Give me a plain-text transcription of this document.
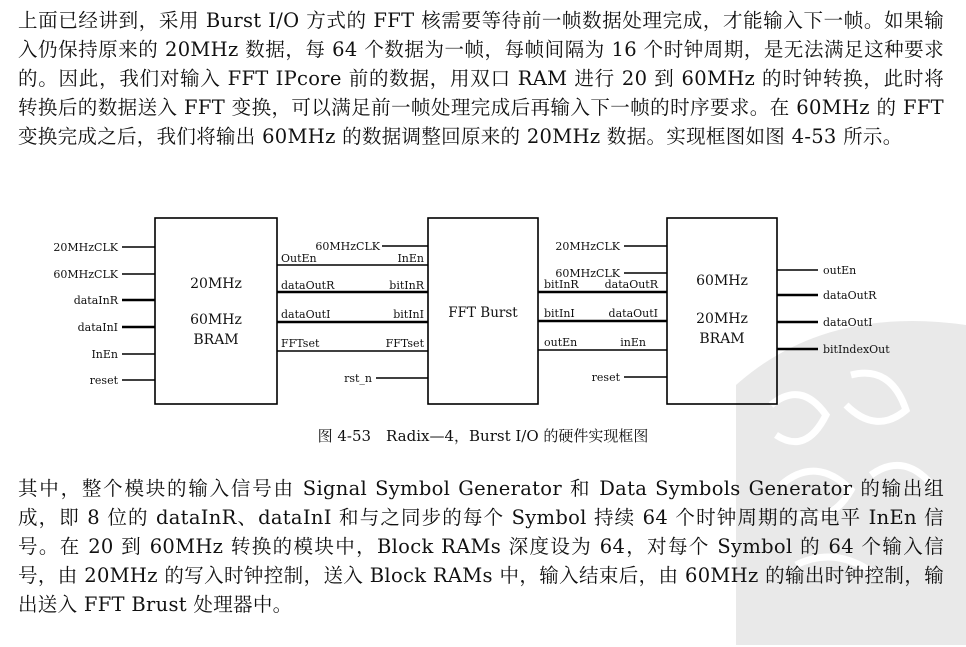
上面已经讲到，采用 Burst I/O 方式的 FFT 核需要等待前一帧数据处理完成，才能输入下一帧。如果输入仍保持原来的 20MHz 数据，每 64 个数据为一帧，每帧间隔为 16 个时钟周期，是无法满足这种要求的。因此，我们对输入 FFT IPcore 前的数据，用双口 RAM 进行 20 到 60MHz 的时钟转换，此时将转换后的数据送入 FFT 变换，可以满足前一帧处理完成后再输入下一帧的时序要求。在 60MHz 的 FFT 变换完成之后，我们将输出 60MHz 的数据调整回原来的 20MHz 数据。实现框图如图 4-53 所示。

20MHzCLK
60MHzCLK
dataInR
dataInI
InEn
reset
OutEn
dataOutR
dataOutI
FFTset
20MHz
60MHz
BRAM
60MHzCLK
InEn
bitInR
bitInI
FFTset
rst_n
dataOutR
dataOutI
inEn
FFT Burst
20MHzCLK
60MHzCLK
bitInR
bitInI
outEn
reset
outEn
dataOutR
dataOutI
bitIndexOut
60MHz
20MHz
BRAM
图 4-53　Radix—4，Burst I/O 的硬件实现框图

其中，整个模块的输入信号由 Signal Symbol Generator 和 Data Symbols Generator 的输出组成，即 8 位的 dataInR、dataInI 和与之同步的每个 Symbol 持续 64 个时钟周期的高电平 InEn 信号。在 20 到 60MHz 转换的模块中，Block RAMs 深度设为 64，对每个 Symbol 的 64 个输入信号，由 20MHz 的写入时钟控制，送入 Block RAMs 中，输入结束后，由 60MHz 的输出时钟控制，输出送入 FFT Brust 处理器中。
